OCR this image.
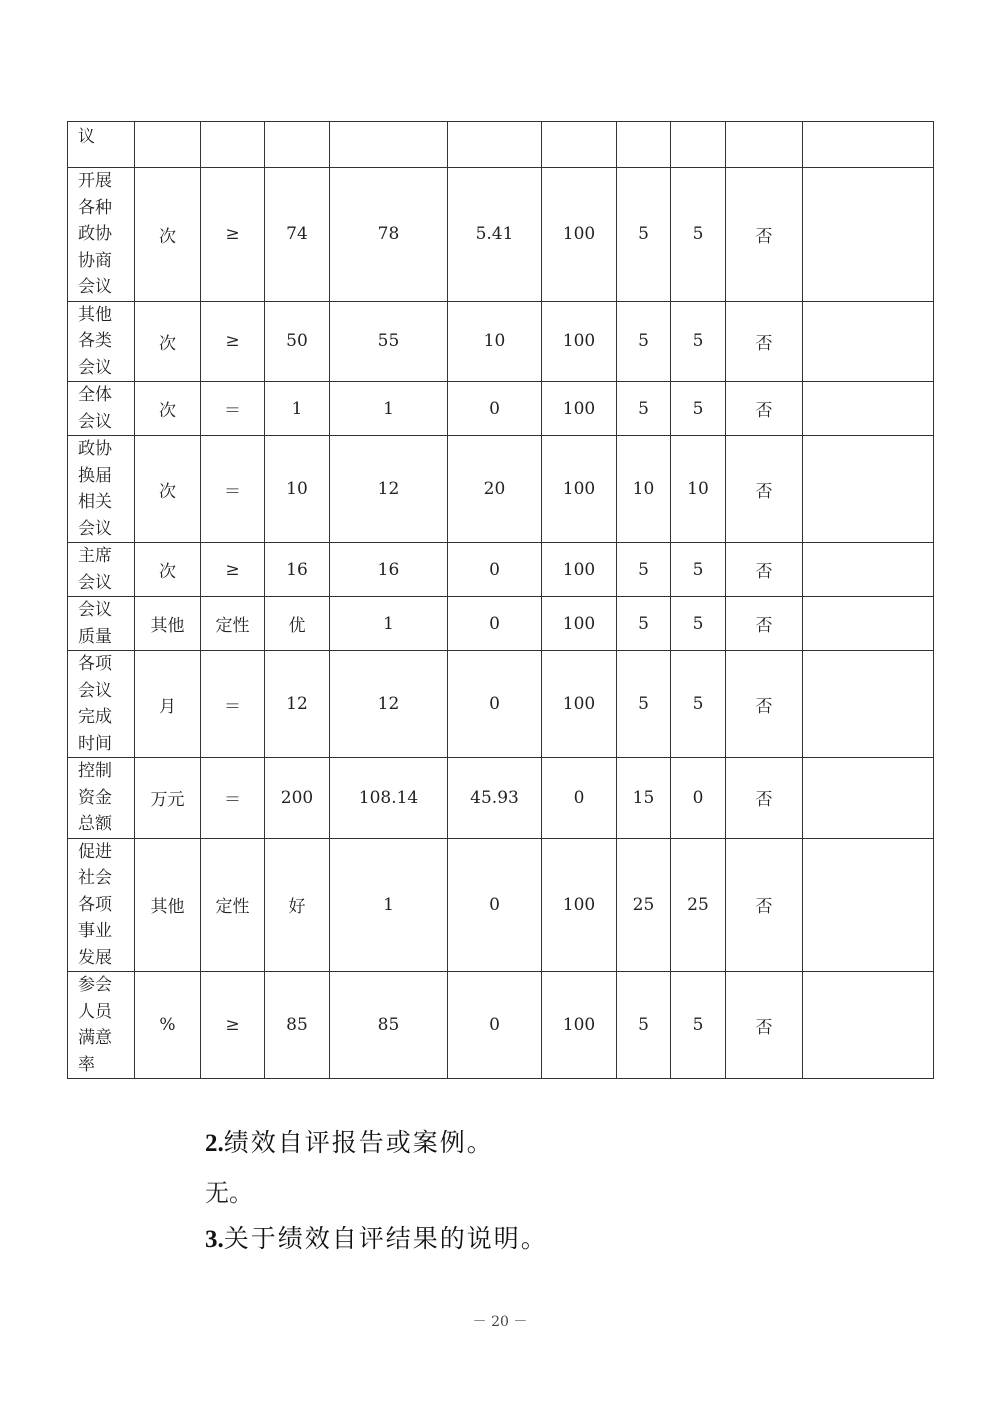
议										

开展
各种
政协
协商
会议	次	≥	74	78	5.41	100	5	5	否	

其他
各类
会议	次	≥	50	55	10	100	5	5	否	

全体
会议	次	＝	1	1	0	100	5	5	否	

政协
换届
相关
会议	次	＝	10	12	20	100	10	10	否	

主席
会议	次	≥	16	16	0	100	5	5	否	

会议
质量	其他	定性	优	1	0	100	5	5	否	

各项
会议
完成
时间	月	＝	12	12	0	100	5	5	否	

控制
资金
总额	万元	＝	200	108.14	45.93	0	15	0	否	

促进
社会
各项
事业
发展	其他	定性	好	1	0	100	25	25	否	

参会
人员
满意
率	%	≥	85	85	0	100	5	5	否	

2.绩效自评报告或案例。

无。

3.关于绩效自评结果的说明。

－ 20 －
